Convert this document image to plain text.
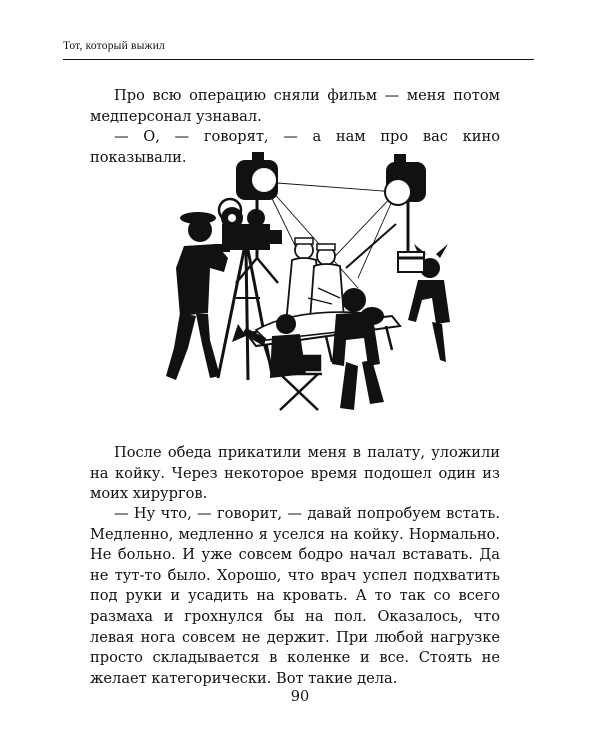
Тот, который выжил

Про всю операцию сняли фильм — меня потом медперсонал узнавал.

— О, — говорят, — а нам про вас кино показывали.

После обеда прикатили меня в палату, уложили на койку. Через некоторое время подошел один из моих хирургов.

— Ну что, — говорит, — давай попробуем встать. Медленно, медленно я уселся на койку. Нормально. Не больно. И уже совсем бодро начал вставать. Да не тут-то было. Хорошо, что врач успел подхватить под руки и усадить на кровать. А то так со всего размаха и грохнулся бы на пол. Оказалось, что левая нога совсем не держит. При любой нагрузке просто складывается в коленке и все. Стоять не желает категорически. Вот такие дела.

90
